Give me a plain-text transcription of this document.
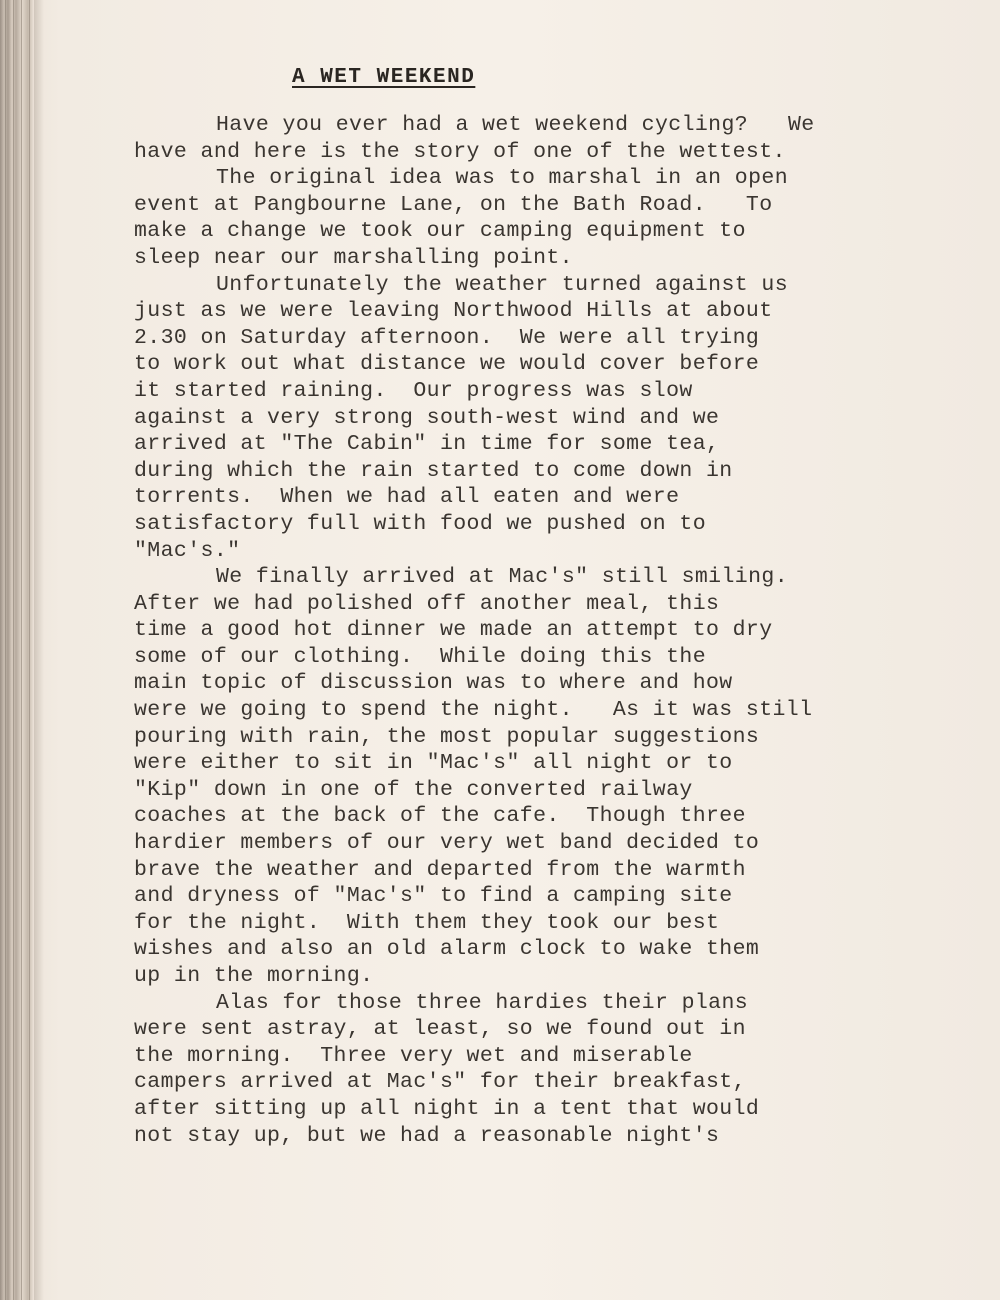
A WET WEEKEND
Have you ever had a wet weekend cycling?   We
have and here is the story of one of the wettest.
The original idea was to marshal in an open
event at Pangbourne Lane, on the Bath Road.   To
make a change we took our camping equipment to
sleep near our marshalling point.
Unfortunately the weather turned against us
just as we were leaving Northwood Hills at about
2.30 on Saturday afternoon.  We were all trying
to work out what distance we would cover before
it started raining.  Our progress was slow
against a very strong south-west wind and we
arrived at "The Cabin" in time for some tea,
during which the rain started to come down in
torrents.  When we had all eaten and were
satisfactory full with food we pushed on to
"Mac's."
We finally arrived at Mac's" still smiling.
After we had polished off another meal, this
time a good hot dinner we made an attempt to dry
some of our clothing.  While doing this the
main topic of discussion was to where and how
were we going to spend the night.   As it was still
pouring with rain, the most popular suggestions
were either to sit in "Mac's" all night or to
"Kip" down in one of the converted railway
coaches at the back of the cafe.  Though three
hardier members of our very wet band decided to
brave the weather and departed from the warmth
and dryness of "Mac's" to find a camping site
for the night.  With them they took our best
wishes and also an old alarm clock to wake them
up in the morning.
Alas for those three hardies their plans
were sent astray, at least, so we found out in
the morning.  Three very wet and miserable
campers arrived at Mac's" for their breakfast,
after sitting up all night in a tent that would
not stay up, but we had a reasonable night's
